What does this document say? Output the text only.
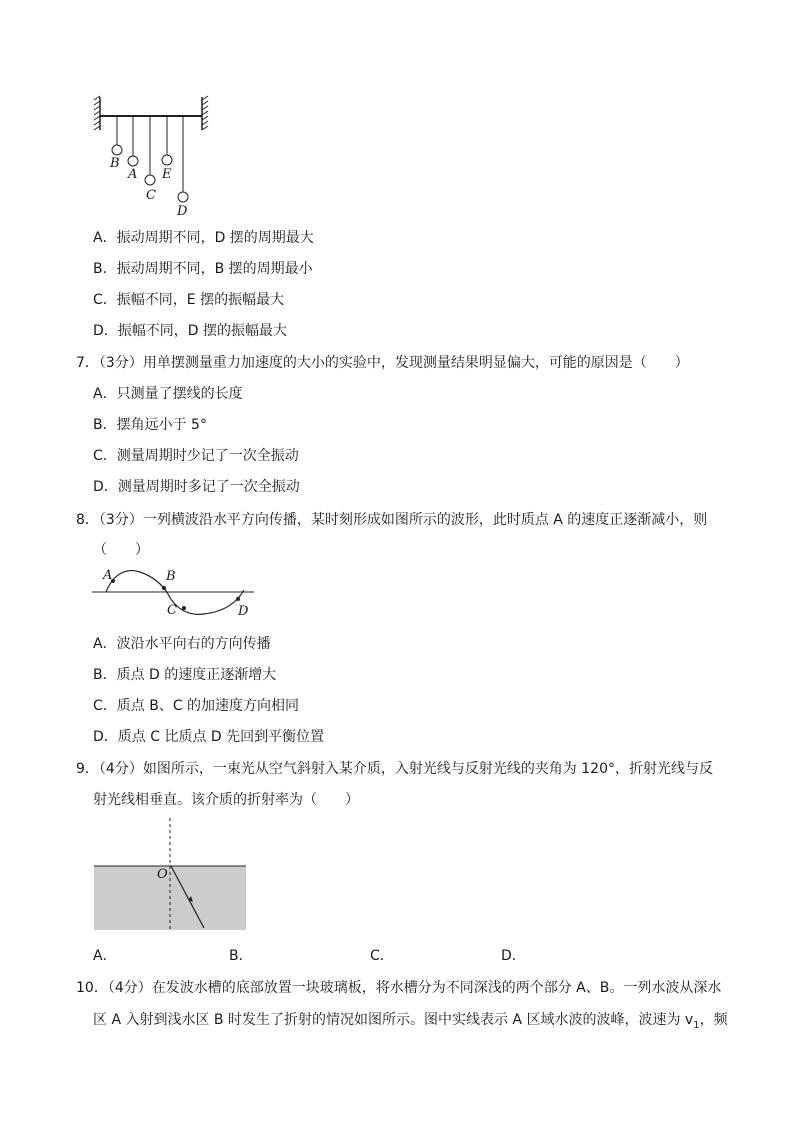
B
A
C
E
D
A．振动周期不同，D 摆的周期最大
B．振动周期不同，B 摆的周期最小
C．振幅不同，E 摆的振幅最大
D．振幅不同，D 摆的振幅最大
7．（3分）用单摆测量重力加速度的大小的实验中，发现测量结果明显偏大，可能的原因是（　　）
A．只测量了摆线的长度
B．摆角远小于 5°
C．测量周期时少记了一次全振动
D．测量周期时多记了一次全振动
8．（3分）一列横波沿水平方向传播，某时刻形成如图所示的波形，此时质点 A 的速度正逐渐减小，则
（　　）
A	B
C	D
A．波沿水平向右的方向传播
B．质点 D 的速度正逐渐增大
C．质点 B、C 的加速度方向相同
D．质点 C 比质点 D 先回到平衡位置
9．（4分）如图所示，一束光从空气斜射入某介质，入射光线与反射光线的夹角为 120°，折射光线与反
射光线相垂直。该介质的折射率为（　　）
O
A．	B．	C．	D．
10．（4分）在发波水槽的底部放置一块玻璃板，将水槽分为不同深浅的两个部分 A、B。一列水波从深水
区 A 入射到浅水区 B 时发生了折射的情况如图所示。图中实线表示 A 区域水波的波峰，波速为 $v_1$，频
